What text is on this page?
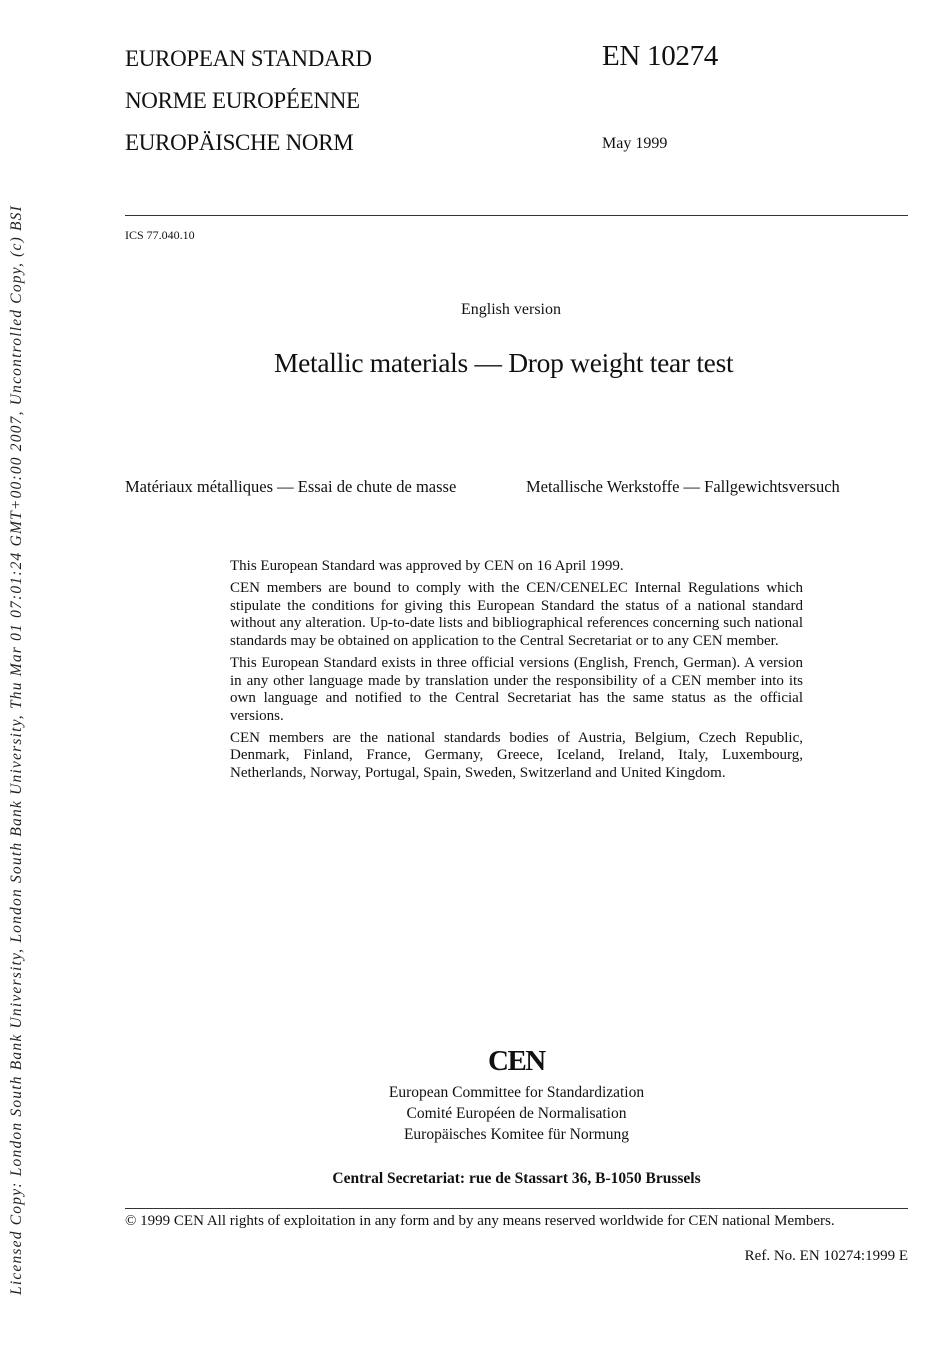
Licensed Copy: London South Bank University, London South Bank University, Thu Mar 01 07:01:24 GMT+00:00 2007, Uncontrolled Copy, (c) BSI
EUROPEAN STANDARD
NORME EUROPÉENNE
EUROPÄISCHE NORM
EN 10274
May 1999
ICS 77.040.10
English version
Metallic materials — Drop weight tear test
Matériaux métalliques — Essai de chute de masse	Metallische Werkstoffe — Fallgewichtsversuch

This European Standard was approved by CEN on 16 April 1999.

CEN members are bound to comply with the CEN/CENELEC Internal Regulations which stipulate the conditions for giving this European Standard the status of a national standard without any alteration. Up-to-date lists and bibliographical references concerning such national standards may be obtained on application to the Central Secretariat or to any CEN member.

This European Standard exists in three official versions (English, French, German). A version in any other language made by translation under the responsibility of a CEN member into its own language and notified to the Central Secretariat has the same status as the official versions.

CEN members are the national standards bodies of Austria, Belgium, Czech Republic, Denmark, Finland, France, Germany, Greece, Iceland, Ireland, Italy, Luxembourg, Netherlands, Norway, Portugal, Spain, Sweden, Switzerland and United Kingdom.

CEN
European Committee for Standardization
Comité Européen de Normalisation
Europäisches Komitee für Normung
Central Secretariat: rue de Stassart 36, B-1050 Brussels
© 1999 CEN All rights of exploitation in any form and by any means reserved worldwide for CEN national Members.
Ref. No. EN 10274:1999 E
